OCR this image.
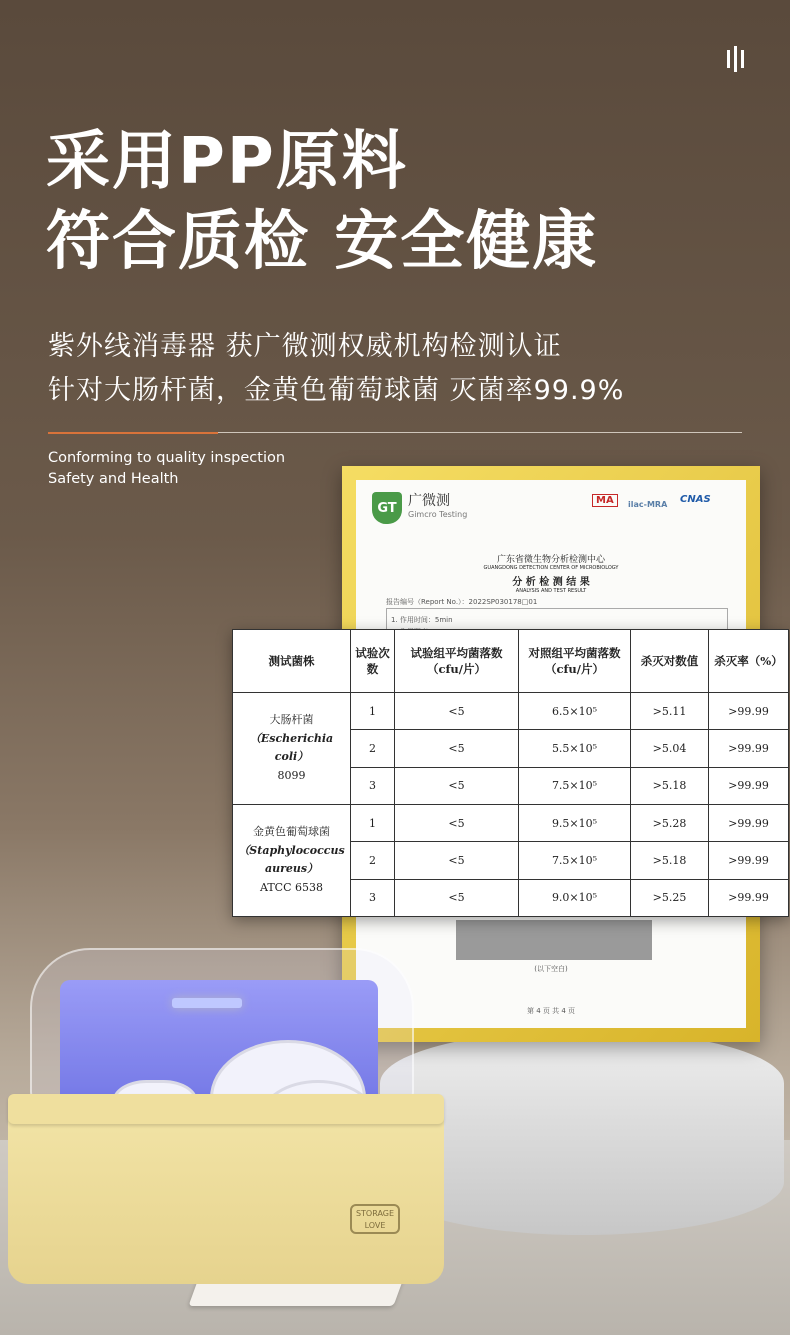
采用PP原料
符合质检 安全健康
紫外线消毒器 获广微测权威机构检测认证
针对大肠杆菌，金黄色葡萄球菌 灭菌率99.9%
Conforming to quality inspection
Safety and Health
GT 广微测
Gimcro Testing
MA	ilac-MRA CNAS
广东省微生物分析检测中心
GUANGDONG DETECTION CENTER OF MICROBIOLOGY
分 析 检 测 结 果
ANALYSIS AND TEST RESULT
报告编号（Report No.）：2022SP030178□01
1. 作用时间：5min
(以下空白)
第 4 页 共 4 页
测试菌株	试验次数	试验组平均菌落数（cfu/片）	对照组平均菌落数（cfu/片）	杀灭对数值	杀灭率（%）

大肠杆菌
（Escherichia coli）
8099	1	<5	6.5×10⁵	>5.11	>99.99
	2	<5	5.5×10⁵	>5.04	>99.99
	3	<5	7.5×10⁵	>5.18	>99.99

金黄色葡萄球菌
（Staphylococcus
aureus）
ATCC 6538	1	<5	9.5×10⁵	>5.28	>99.99
	2	<5	7.5×10⁵	>5.18	>99.99
	3	<5	9.0×10⁵	>5.25	>99.99
STORAGE
LOVE
